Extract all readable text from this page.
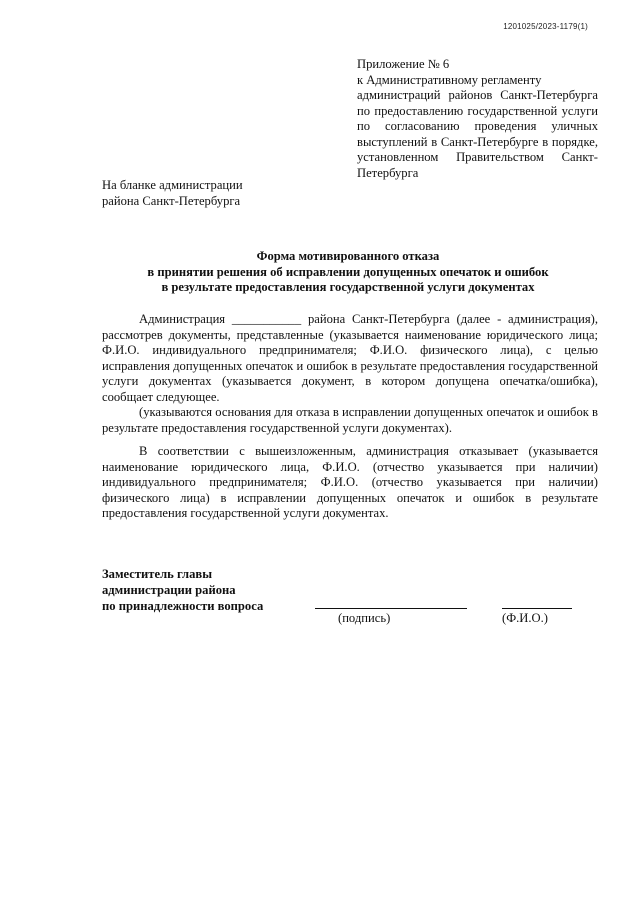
1201025/2023-1179(1)
Приложение № 6
к Административному регламенту
администраций районов Санкт-Петербурга по предоставлению государственной услуги по согласованию проведения уличных выступлений в Санкт-Петербурге в порядке, установленном Правительством Санкт-Петербурга
На бланке администрации
района Санкт-Петербурга
Форма мотивированного отказа
в принятии решения об исправлении допущенных опечаток и ошибок
в результате предоставления государственной услуги документах

Администрация ___________ района Санкт-Петербурга (далее - администрация), рассмотрев документы, представленные (указывается наименование юридического лица; Ф.И.О. индивидуального предпринимателя; Ф.И.О. физического лица), с целью исправления допущенных опечаток и ошибок в результате предоставления государственной услуги документах (указывается документ, в котором допущена опечатка/ошибка), сообщает следующее.

(указываются основания для отказа в исправлении допущенных опечаток и ошибок в результате предоставления государственной услуги документах).

В соответствии с вышеизложенным, администрация отказывает (указывается наименование юридического лица, Ф.И.О. (отчество указывается при наличии) индивидуального предпринимателя; Ф.И.О. (отчество указывается при наличии) физического лица) в исправлении допущенных опечаток и ошибок в результате предоставления государственной услуги документах.

Заместитель главы
администрации района
по принадлежности вопроса
(подпись)	(Ф.И.О.)
